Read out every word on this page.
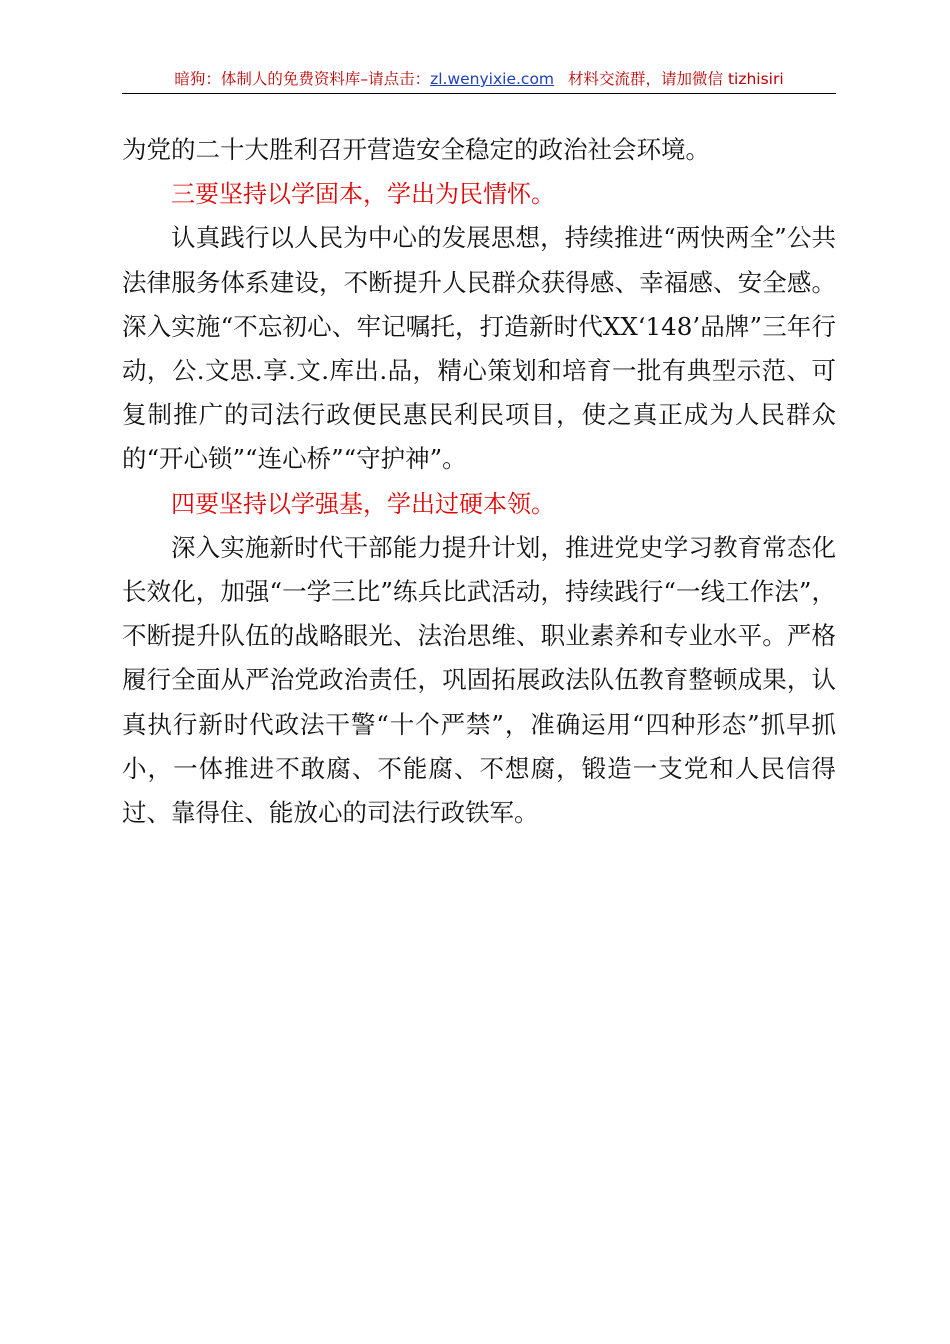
暗狗：体制人的免费资料库–请点击：zl.wenyixie.com 材料交流群，请加微信 tizhisiri

为党的二十大胜利召开营造安全稳定的政治社会环境。

三要坚持以学固本，学出为民情怀。

认真践行以人民为中心的发展思想，持续推进“两快两全”公共法律服务体系建设，不断提升人民群众获得感、幸福感、安全感。深入实施“不忘初心、牢记嘱托，打造新时代XX‘148’品牌”三年行动，公.文思.享.文.库出.品，精心策划和培育一批有典型示范、可复制推广的司法行政便民惠民利民项目，使之真正成为人民群众的“开心锁”“连心桥”“守护神”。

四要坚持以学强基，学出过硬本领。

深入实施新时代干部能力提升计划，推进党史学习教育常态化长效化，加强“一学三比”练兵比武活动，持续践行“一线工作法”，不断提升队伍的战略眼光、法治思维、职业素养和专业水平。严格履行全面从严治党政治责任，巩固拓展政法队伍教育整顿成果，认真执行新时代政法干警“十个严禁”，准确运用“四种形态”抓早抓小，一体推进不敢腐、不能腐、不想腐，锻造一支党和人民信得过、靠得住、能放心的司法行政铁军。
